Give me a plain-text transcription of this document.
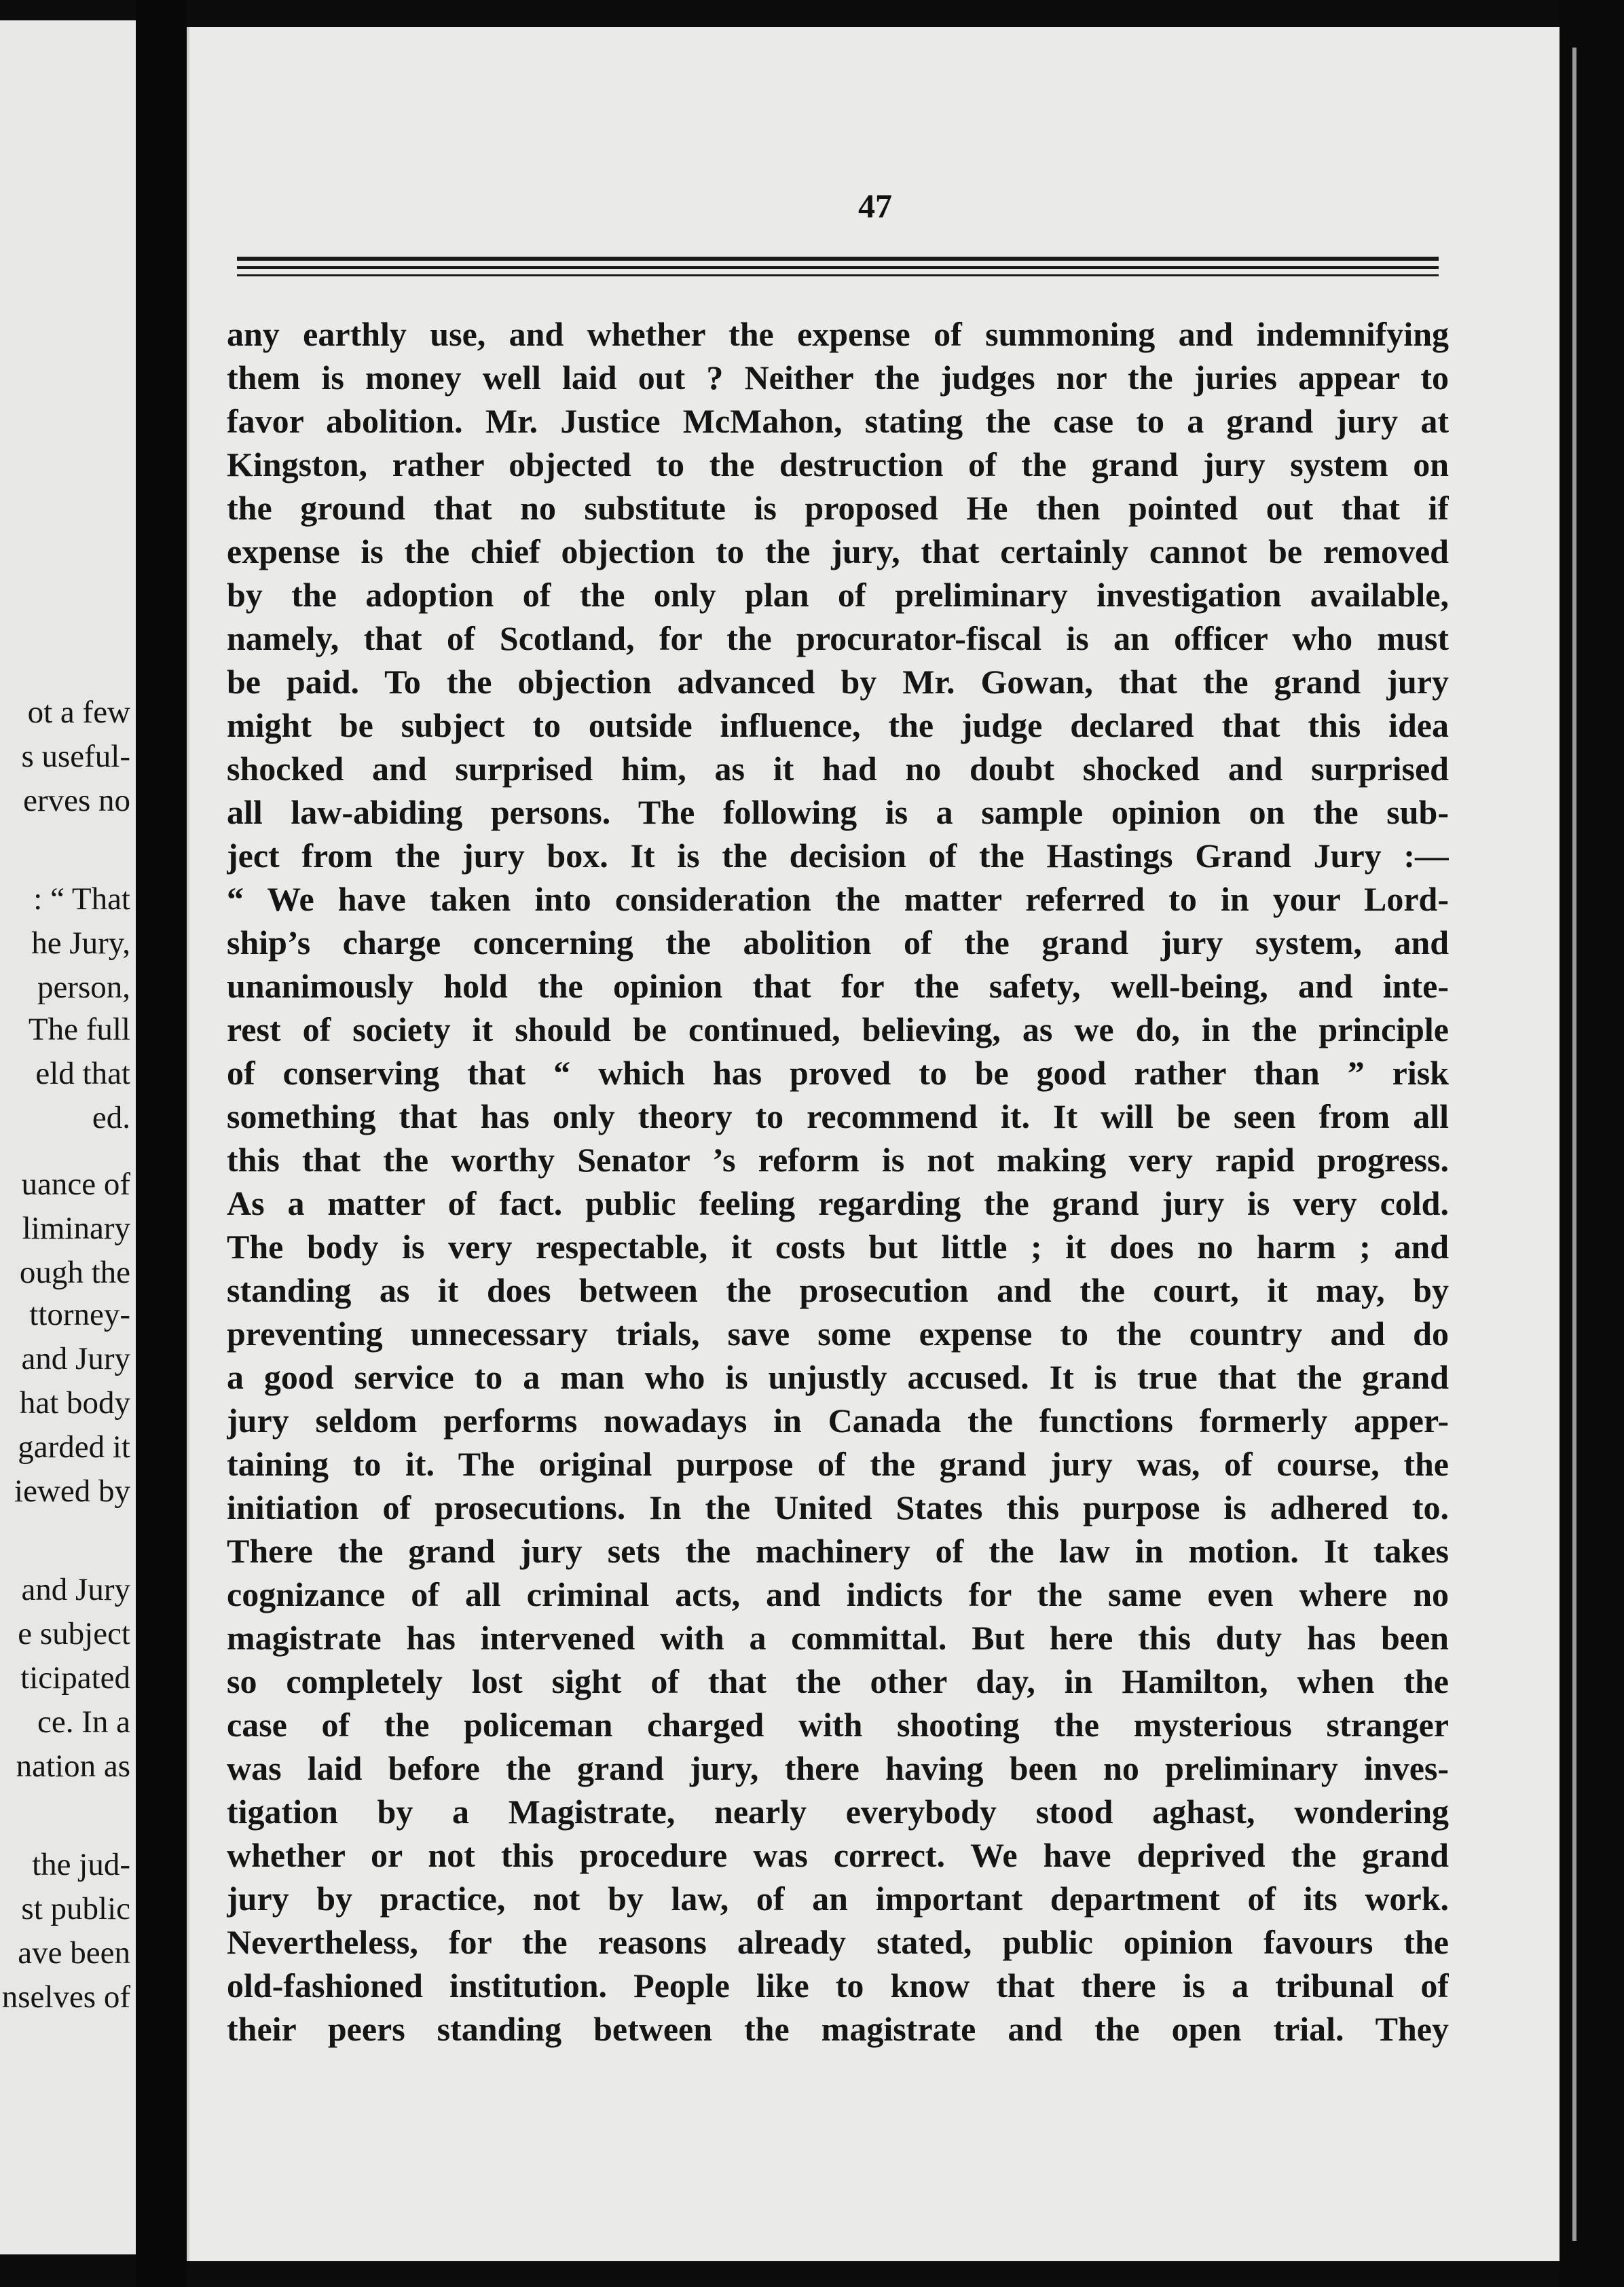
ot a few
s useful-
erves no
: “ That
he Jury,
person,
The full
eld that
ed.
uance of
liminary
ough the
ttorney-
and Jury
hat body
garded it
iewed by
and Jury
e subject
ticipated
ce. In a
nation as
the jud-
st public
ave been
nselves of
47
any earthly use, and whether the expense of summoning and indemnifying
them is money well laid out ? Neither the judges nor the juries appear to
favor abolition. Mr. Justice McMahon, stating the case to a grand jury at
Kingston, rather objected to the destruction of the grand jury system on
the ground that no substitute is proposed He then pointed out that if
expense is the chief objection to the jury, that certainly cannot be removed
by the adoption of the only plan of preliminary investigation available,
namely, that of Scotland, for the procurator-fiscal is an officer who must
be paid. To the objection advanced by Mr. Gowan, that the grand jury
might be subject to outside influence, the judge declared that this idea
shocked and surprised him, as it had no doubt shocked and surprised
all law-abiding persons. The following is a sample opinion on the sub-
ject from the jury box. It is the decision of the Hastings Grand Jury :—
“ We have taken into consideration the matter referred to in your Lord-
ship’s charge concerning the abolition of the grand jury system, and
unanimously hold the opinion that for the safety, well-being, and inte-
rest of society it should be continued, believing, as we do, in the principle
of conserving that “ which has proved to be good rather than ” risk
something that has only theory to recommend it. It will be seen from all
this that the worthy Senator ’s reform is not making very rapid progress.
As a matter of fact. public feeling regarding the grand jury is very cold.
The body is very respectable, it costs but little ; it does no harm ; and
standing as it does between the prosecution and the court, it may, by
preventing unnecessary trials, save some expense to the country and do
a good service to a man who is unjustly accused. It is true that the grand
jury seldom performs nowadays in Canada the functions formerly apper-
taining to it. The original purpose of the grand jury was, of course, the
initiation of prosecutions. In the United States this purpose is adhered to.
There the grand jury sets the machinery of the law in motion. It takes
cognizance of all criminal acts, and indicts for the same even where no
magistrate has intervened with a committal. But here this duty has been
so completely lost sight of that the other day, in Hamilton, when the
case of the policeman charged with shooting the mysterious stranger
was laid before the grand jury, there having been no preliminary inves-
tigation by a Magistrate, nearly everybody stood aghast, wondering
whether or not this procedure was correct. We have deprived the grand
jury by practice, not by law, of an important department of its work.
Nevertheless, for the reasons already stated, public opinion favours the
old-fashioned institution. People like to know that there is a tribunal of
their peers standing between the magistrate and the open trial. They
